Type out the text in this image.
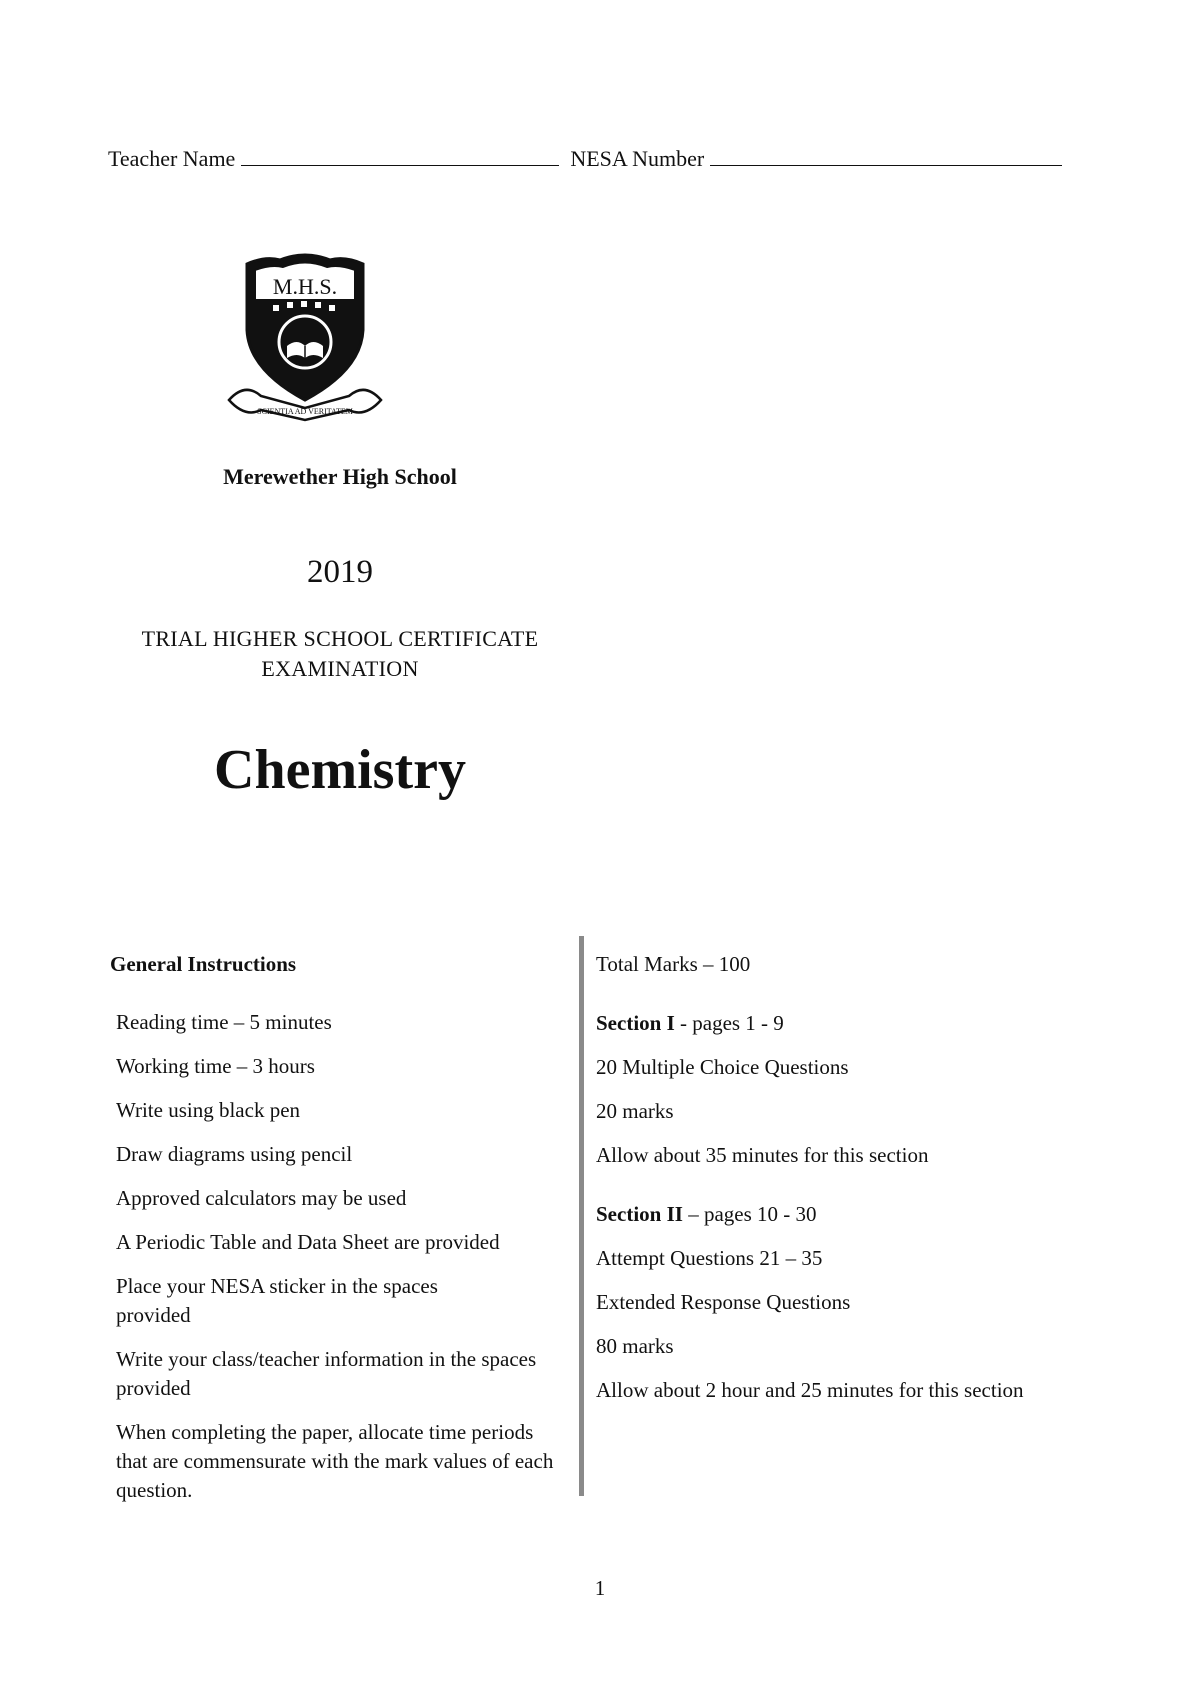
Teacher Name	NESA Number
M.H.S.
SCIENTIA AD VERITATEM
Merewether High School
2019
TRIAL HIGHER SCHOOL CERTIFICATE
EXAMINATION
Chemistry
General Instructions
Reading time – 5 minutes
Working time – 3 hours
Write using black pen
Draw diagrams using pencil
Approved calculators may be used
A Periodic Table and Data Sheet are provided
Place your NESA sticker in the spaces provided
Write your class/teacher information in the spaces provided
When completing the paper, allocate time periods that are commensurate with the mark values of each question.

Total Marks – 100

Section I - pages 1 - 9

20 Multiple Choice Questions

20 marks

Allow about 35 minutes for this section

Section II – pages 10 - 30

Attempt Questions 21 – 35

Extended Response Questions

80 marks

Allow about 2 hour and 25 minutes for this section

1
